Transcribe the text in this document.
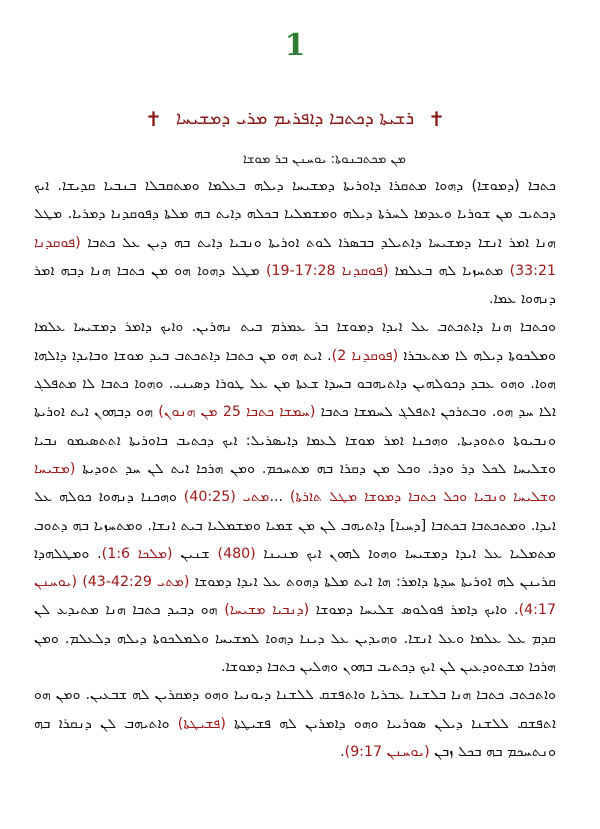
1
✝ ܪܫܝܬܐ ܕܟܬܒܐ ܕܐܦܪܝܡ ܡܪܝ ܕܡܫܝܚܐ ✝
ܡܢ ܡܟܬܒܢܘܬܐ: ܝܘܚܢܢ ܒܪ ܡܘܫܐ

ܟܬܒܐ (ܕܡܘܫܐ) ܕܗܘܐ ܡܬܩܪܐ ܕܐܘܪܝܬܐ ܕܡܫܝܚܐ ܕܝܠܗ ܒܥܠܡܐ ܘܡܬܩܒܠܐ ܒܢܒܝܐ ܩܕܝܫܐ. ܐܝܟ ܕܟܬܝܒ ܡܢ ܫܘܪܝܐ ܘܥܕܡܐ ܠܚܪܬܐ ܕܝܠܗ ܘܡܫܡܠܝܐ ܒܟܠܗ ܕܐܝܬ ܒܗ ܡܠܬܐ ܕܦܘܩܕܢܐ ܕܡܪܝܐ. ܡܛܠ ܗܢܐ ܐܡܪ ܐܢܫܐ ܕܡܫܝܚܐ ܕܐܬܝܠܕ ܒܒܣܪܐ ܠܘܬ ܐܘܪܝܬܐ ܘܢܒܝܐ ܕܐܝܬ ܒܗ ܕܝܢ ܥܠ ܟܬܒܐ (ܦܘܩܕܢܐ 33:21) ܡܬܚܙܝܐ ܠܗ ܒܥܠܡܐ (ܦܘܩܕܢܐ 17:28-19) ܡܛܠ ܕܗܘܐ ܗܘ ܡܢ ܟܬܒܐ ܗܢܐ ܕܒܗ ܐܡܪ ܕܢܗܘܐ ܥܡܐ.

ܘܟܬܒܐ ܗܢܐ ܕܐܬܟܬܒ ܥܠ ܐܝܕܐ ܕܡܘܫܐ ܒܪ ܥܡܪܡ ܒܝܬ ܢܗܪܝܢ. ܘܐܝܟ ܕܐܡܪ ܕܡܫܝܚܐ ܥܠܡܐ ܘܡܠܟܘܬܐ ܕܝܠܗ ܠܐ ܡܬܥܒܪܐ (ܦܘܩܕܢܐ 2). ܐܝܬ ܗܘ ܡܢ ܟܬܒܐ ܕܐܬܟܬܒ ܒܝܕ ܡܘܫܐ ܘܒܐܝܕܐ ܕܐܠܗܐ ܗܘܐ. ܘܗܘ ܥܒܕ ܕܟܘܠܗܝܢ ܕܐܬܝܗܒܘ ܒܚܕܐ ܫܥܬܐ ܡܢ ܥܠ ܛܘܪܐ ܕܣܝܢܝ. ܘܗܘܐ ܟܬܒܐ ܠܐ ܡܬܦܠܓ ܐܠܐ ܚܕ ܗܘ. ܘܒܬܪܟܢ ܐܬܦܠܓ ܠܚܡܫܐ ܟܬܒܐ (ܚܡܫܐ ܟܬܒܐ 25 ܡܢ ܗܢܘܢ) ܗܘ ܕܒܗܘܢ ܐܝܬ ܐܘܪܝܬܐ ܘܢܒܝܘܬܐ ܘܬܘܕܝܬܐ. ܘܗܟܢܐ ܐܡܪ ܡܘܫܐ ܠܥܡܐ ܕܐܝܣܪܝܠ: ܐܝܟ ܕܟܬܝܒ ܒܐܘܪܝܬܐ ܐܬܬܣܝܡܘ ܢܒܝܐ ܘܫܠܝܚܐ ܠܟܠ ܕܪ ܘܕܪ. ܘܟܠ ܡܢ ܕܩܪܐ ܒܗ ܡܬܚܟܡ. ܘܡܢ ܗܪܟܐ ܐܝܬ ܠܢ ܚܕ ܬܘܕܝܬܐ (ܡܫܝܚܐ ܘܫܠܝܚܐ ܘܢܒܝܐ ܘܟܠ ܟܬܒܐ ܕܡܘܫܐ ܡܛܠ ܬܐܪܬܐ) ...ܡܬܝ (40:25) ܘܗܟܢܐ ܕܢܗܘܐ ܟܘܠܗ ܥܠ ܐܝܕܐ. ܘܡܬܟܬܒܐ ܒܟܬܒܐ [ܕܚܝܐ] ܕܐܬܝܗܒ ܠܢ ܡܢ ܫܡܝܐ ܘܡܫܡܠܝܐ ܒܝܬ ܐܢܫܐ. ܘܡܬܚܙܝܐ ܒܗ ܕܬܘܒ ܡܬܡܠܝܐ ܥܠ ܐܝܕܐ ܕܡܫܝܚܐ ܘܗܘܐ ܠܗܘܢ ܐܝܟ ܡܢܝܢܐ (480) ܫܢܝܢ (ܡܠܟܐ 1:6). ܘܡܛܠܗܕܐ ܩܪܝܢܢ ܠܗ ܐܘܪܝܬܐ ܚܕܬܐ ܕܐܡܪ: ܗܐ ܐܝܬ ܡܠܬܐ ܕܗܘܬ ܥܠ ܐܝܕܐ ܕܡܘܫܐ (ܡܬܝ 42:29-43) (ܝܘܚܢܢ 4:17). ܘܐܝܟ ܕܐܡܪ ܦܘܠܘܣ ܫܠܝܚܐ ܕܡܘܫܐ (ܕܢܒܝܐ ܡܫܝܚܐ) ܗܘ ܕܒܝܕ ܟܬܒܐ ܗܢܐ ܡܬܝܕܥ ܠܢ ܩܕܡ ܥܠ ܥܠܡܐ ܘܥܠ ܐܢܫܐ. ܘܗܝܕܝܢ ܥܠ ܕܝܢܐ ܕܗܘܐ ܠܡܫܝܚܐ ܘܠܡܠܟܘܬܐ ܕܝܠܗ ܕܠܥܠܡ. ܘܡܢ ܗܪܟܐ ܡܫܬܘܕܥܝܢ ܠܢ ܐܝܟ ܕܟܬܝܒ ܒܗܘܢ ܘܗܠܝܢ ܟܬܒܐ ܕܡܘܫܐ.

ܘܐܬܟܬܒ ܟܬܒܐ ܗܢܐ ܒܠܫܢܐ ܥܒܪܝܐ ܘܐܬܦܫܩ ܠܠܫܢܐ ܕܝܘܢܝܐ ܘܗܘ ܕܡܩܪܝܢ ܠܗ ܫܒܥܝܢ. ܘܡܢ ܗܘ ܐܬܦܫܩ ܠܠܫܢܐ ܕܝܠܢ ܣܘܪܝܝܐ ܘܗܘ ܕܐܡܪܝܢ ܠܗ ܦܫܝܛܬܐ (ܦܫܝܛܬܐ) ܘܐܬܝܗܒ ܠܢ ܕܢܩܪܐ ܒܗ ܘܢܬܚܟܡ ܒܗ ܒܟܠ ܙܒܢ (ܝܘܚܢܢ 9:17).
